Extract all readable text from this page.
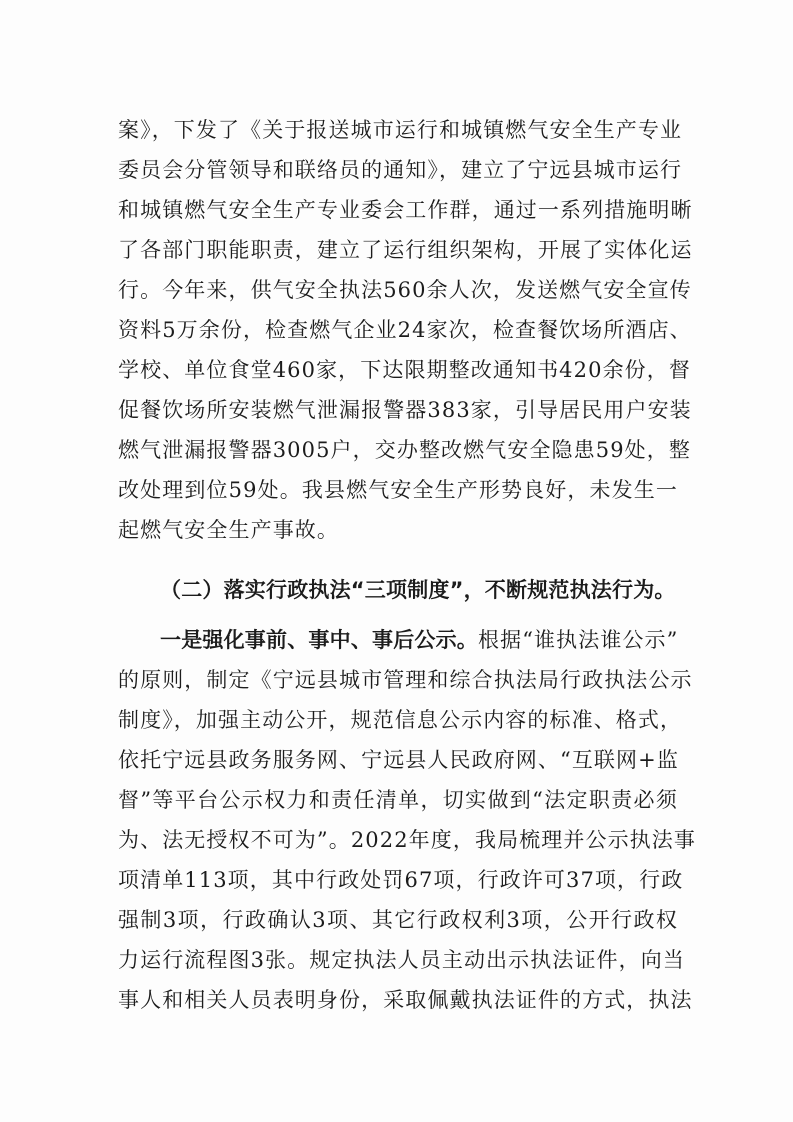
案》，下发了《关于报送城市运行和城镇燃气安全生产专业
委员会分管领导和联络员的通知》，建立了宁远县城市运行
和城镇燃气安全生产专业委会工作群，通过一系列措施明晰
了各部门职能职责，建立了运行组织架构，开展了实体化运
行。今年来，供气安全执法560余人次，发送燃气安全宣传
资料5万余份，检查燃气企业24家次，检查餐饮场所酒店、
学校、单位食堂460家，下达限期整改通知书420余份，督
促餐饮场所安装燃气泄漏报警器383家，引导居民用户安装
燃气泄漏报警器3005户，交办整改燃气安全隐患59处，整
改处理到位59处。我县燃气安全生产形势良好，未发生一
起燃气安全生产事故。
（二）落实行政执法“三项制度”，不断规范执法行为。
一是强化事前、事中、事后公示。根据“谁执法谁公示”
的原则，制定《宁远县城市管理和综合执法局行政执法公示
制度》，加强主动公开，规范信息公示内容的标准、格式，
依托宁远县政务服务网、宁远县人民政府网、“互联网+监
督”等平台公示权力和责任清单，切实做到“法定职责必须
为、法无授权不可为”。2022年度，我局梳理并公示执法事
项清单113项，其中行政处罚67项，行政许可37项，行政
强制3项，行政确认3项、其它行政权利3项，公开行政权
力运行流程图3张。规定执法人员主动出示执法证件，向当
事人和相关人员表明身份，采取佩戴执法证件的方式，执法
